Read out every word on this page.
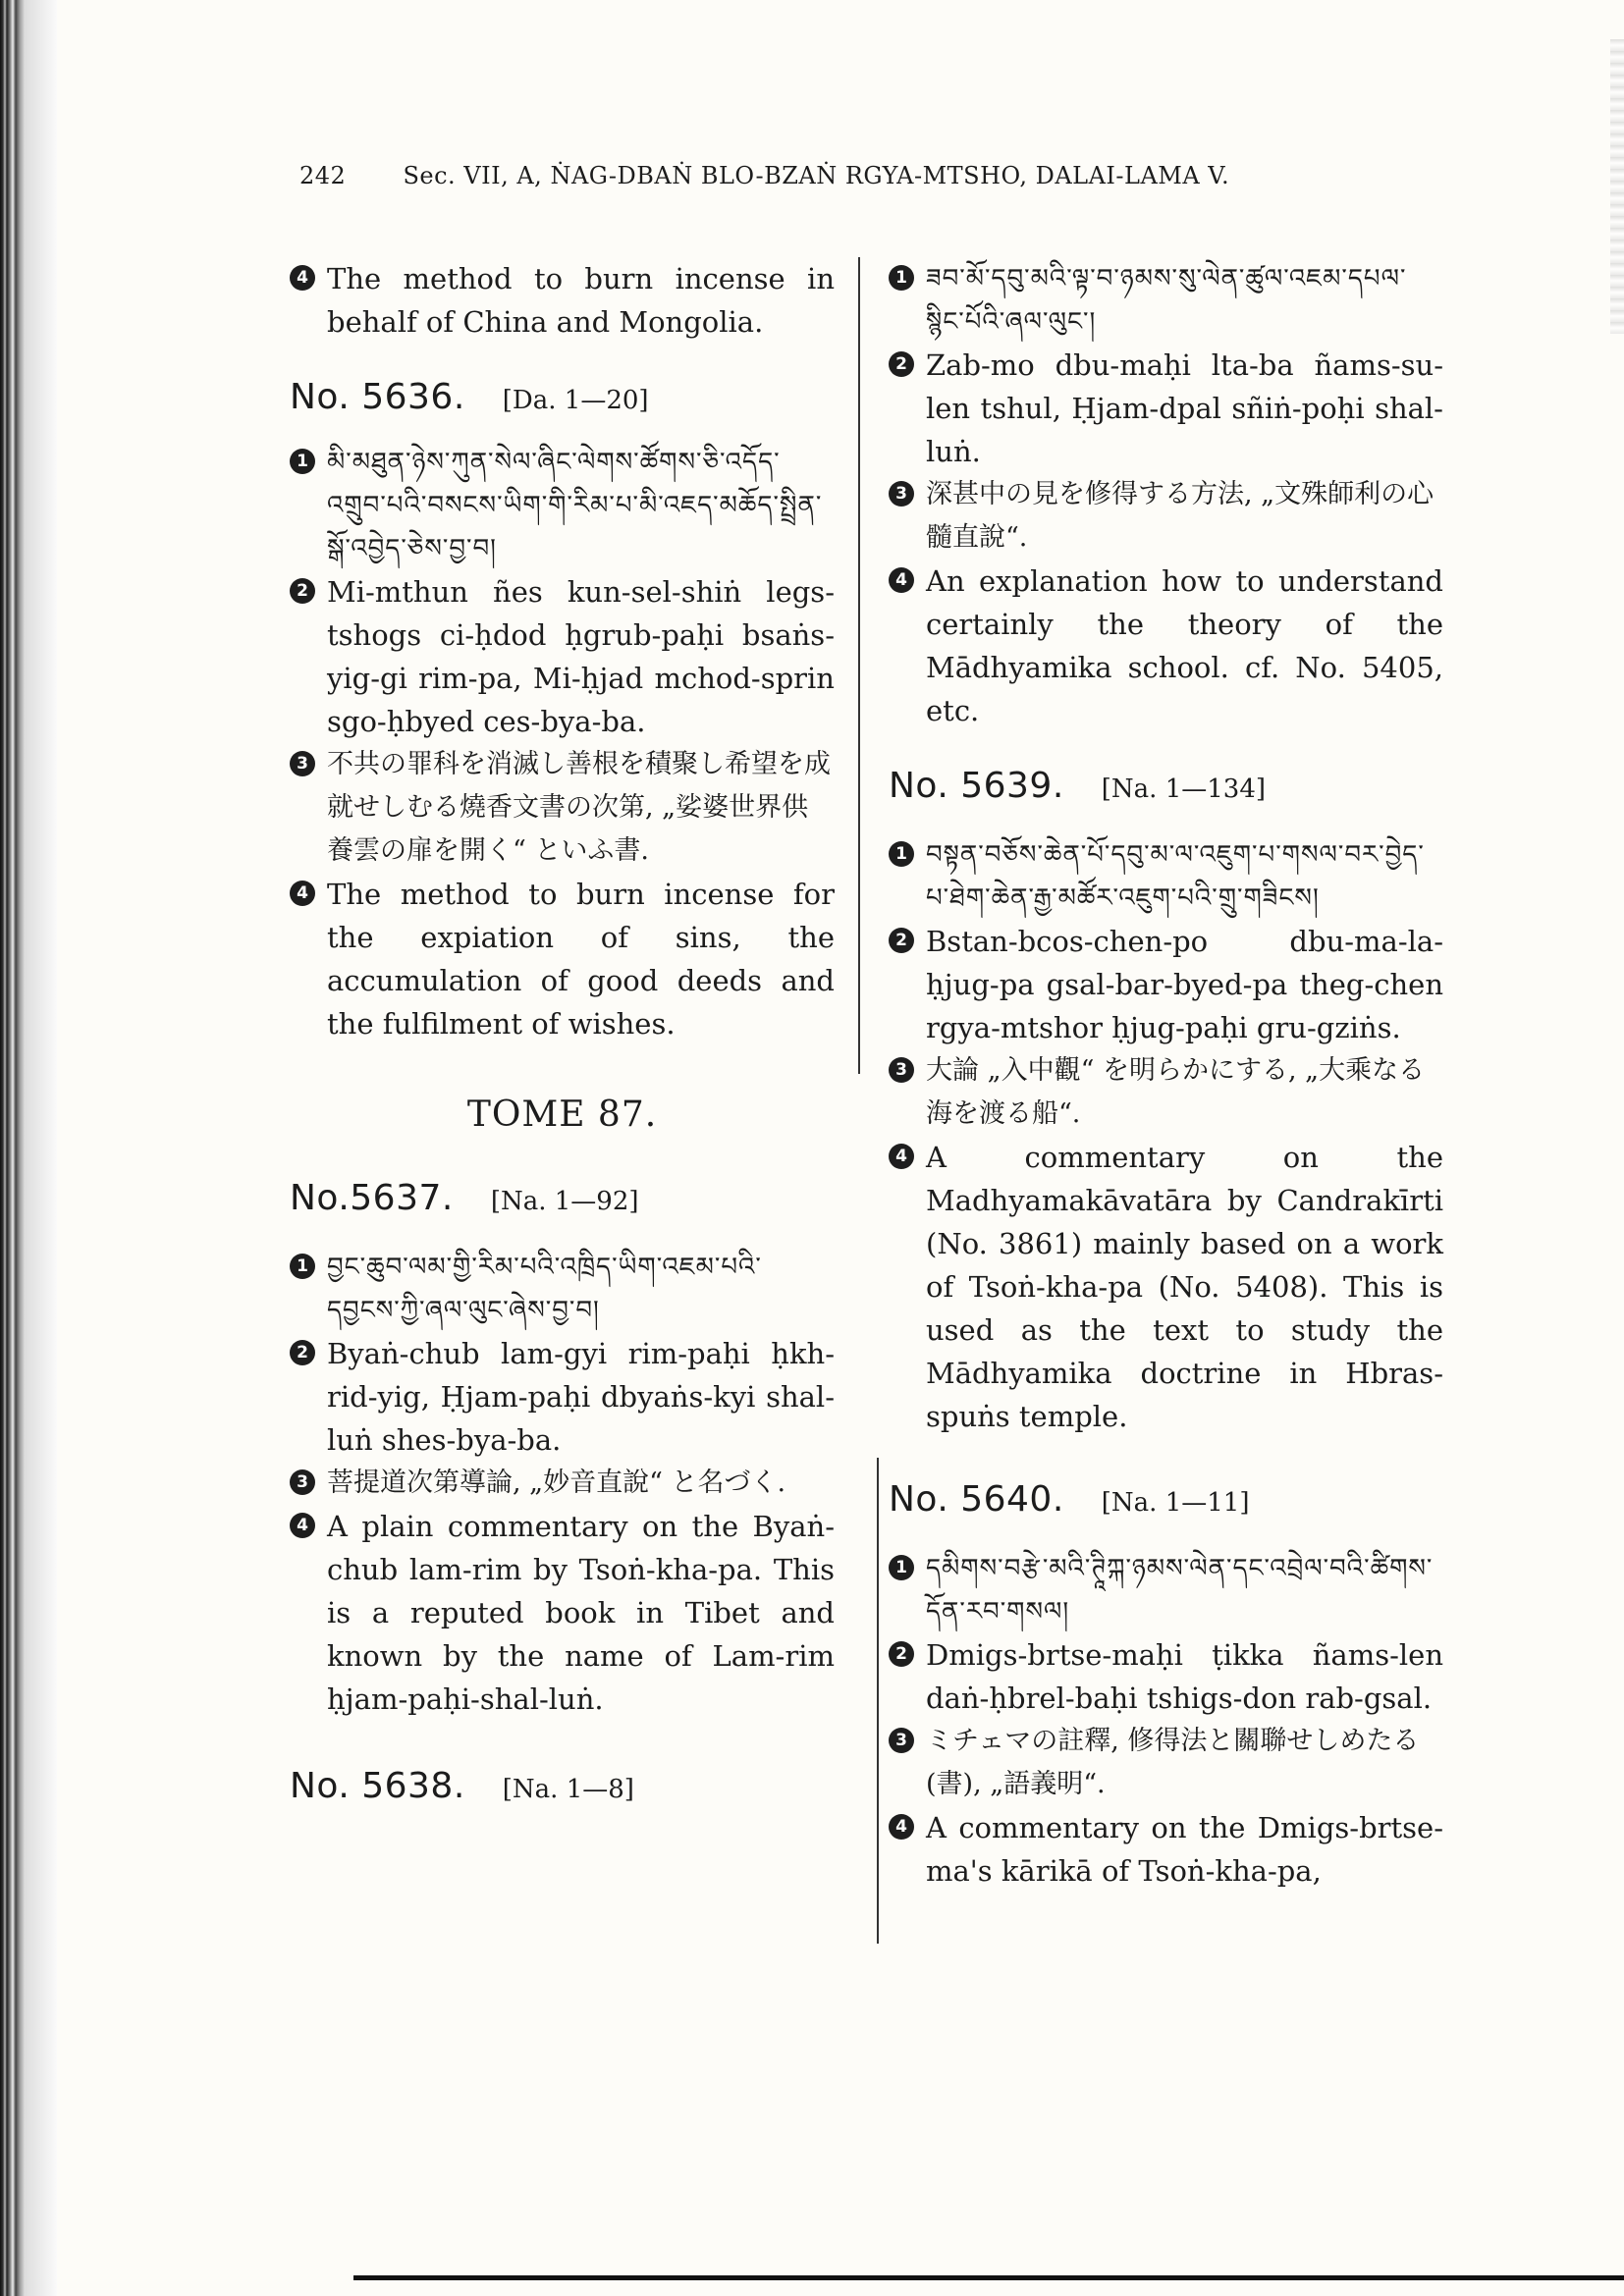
242 Sec. VII, A, ṄAG-DBAṄ BLO-BZAṄ RGYA-MTSHO, DALAI-LAMA V.
4 The method to burn incense in behalf of China and Mongolia.
No. 5636. [Da. 1—20]
1 མི་མཐུན་ཉེས་ཀུན་སེལ་ཞིང་ལེགས་ཚོགས་ཅི་འདོད་འགྲུབ་པའི་བསངས་ཡིག་གི་རིམ་པ་མི་འཇད་མཆོད་སྤྲིན་སྒོ་འབྱེད་ཅེས་བྱ་བ།
2 Mi-mthun ñes kun-sel-shiṅ legs-tshogs ci-ḥdod ḥgrub-paḥi bsaṅs-yig-gi rim-pa, Mi-ḥjad mchod-sprin sgo-ḥbyed ces-bya-ba.
3 不共の罪科を消滅し善根を積聚し希望を成就せしむる燒香文書の次第, „娑婆世界供養雲の扉を開く“ といふ書.
4 The method to burn incense for the expiation of sins, the accumulation of good deeds and the fulfilment of wishes.
TOME 87.
No.5637. [Na. 1—92]
1 བྱང་ཆུབ་ལམ་གྱི་རིམ་པའི་འཁྲིད་ཡིག་འཇམ་པའི་དབྱངས་ཀྱི་ཞལ་ལུང་ཞེས་བྱ་བ།
2 Byaṅ-chub lam-gyi rim-paḥi ḥkh-rid-yig, Ḥjam-paḥi dbyaṅs-kyi shal-luṅ shes-bya-ba.
3 菩提道次第導論, „妙音直說“ と名づく.
4 A plain commentary on the Byaṅ-chub lam-rim by Tsoṅ-kha-pa. This is a reputed book in Tibet and known by the name of Lam-rim ḥjam-paḥi-shal-luṅ.
No. 5638. [Na. 1—8]
1 ཟབ་མོ་དབུ་མའི་ལྟ་བ་ཉམས་སུ་ལེན་ཚུལ་འཇམ་དཔལ་སྙིང་པོའི་ཞལ་ལུང་།
2 Zab-mo dbu-maḥi lta-ba ñams-su-len tshul, Ḥjam-dpal sñiṅ-poḥi shal-luṅ.
3 深甚中の見を修得する方法, „文殊師利の心髓直說“.
4 An explanation how to understand certainly the theory of the Mādhyamika school. cf. No. 5405, etc.
No. 5639. [Na. 1—134]
1 བསྟན་བཅོས་ཆེན་པོ་དབུ་མ་ལ་འཇུག་པ་གསལ་བར་བྱེད་པ་ཐེག་ཆེན་རྒྱ་མཚོར་འཇུག་པའི་གྲུ་གཟིངས།
2 Bstan-bcos-chen-po dbu-ma-la-ḥjug-pa gsal-bar-byed-pa theg-chen rgya-mtshor ḥjug-paḥi gru-gziṅs.
3 大論 „入中觀“ を明らかにする, „大乘なる海を渡る船“.
4 A commentary on the Madhyamakāvatāra by Candrakīrti (No. 3861) mainly based on a work of Tsoṅ-kha-pa (No. 5408). This is used as the text to study the Mādhyamika doctrine in Hbras-spuṅs temple.
No. 5640. [Na. 1—11]
1 དམིགས་བརྩེ་མའི་ཊཱིཀྐ་ཉམས་ལེན་དང་འབྲེལ་བའི་ཚིགས་དོན་རབ་གསལ།
2 Dmigs-brtse-maḥi ṭikka ñams-len daṅ-ḥbrel-baḥi tshigs-don rab-gsal.
3 ミチェマの註釋, 修得法と關聯せしめたる (書), „語義明“.
4 A commentary on the Dmigs-brtse-ma's kārikā of Tsoṅ-kha-pa,
